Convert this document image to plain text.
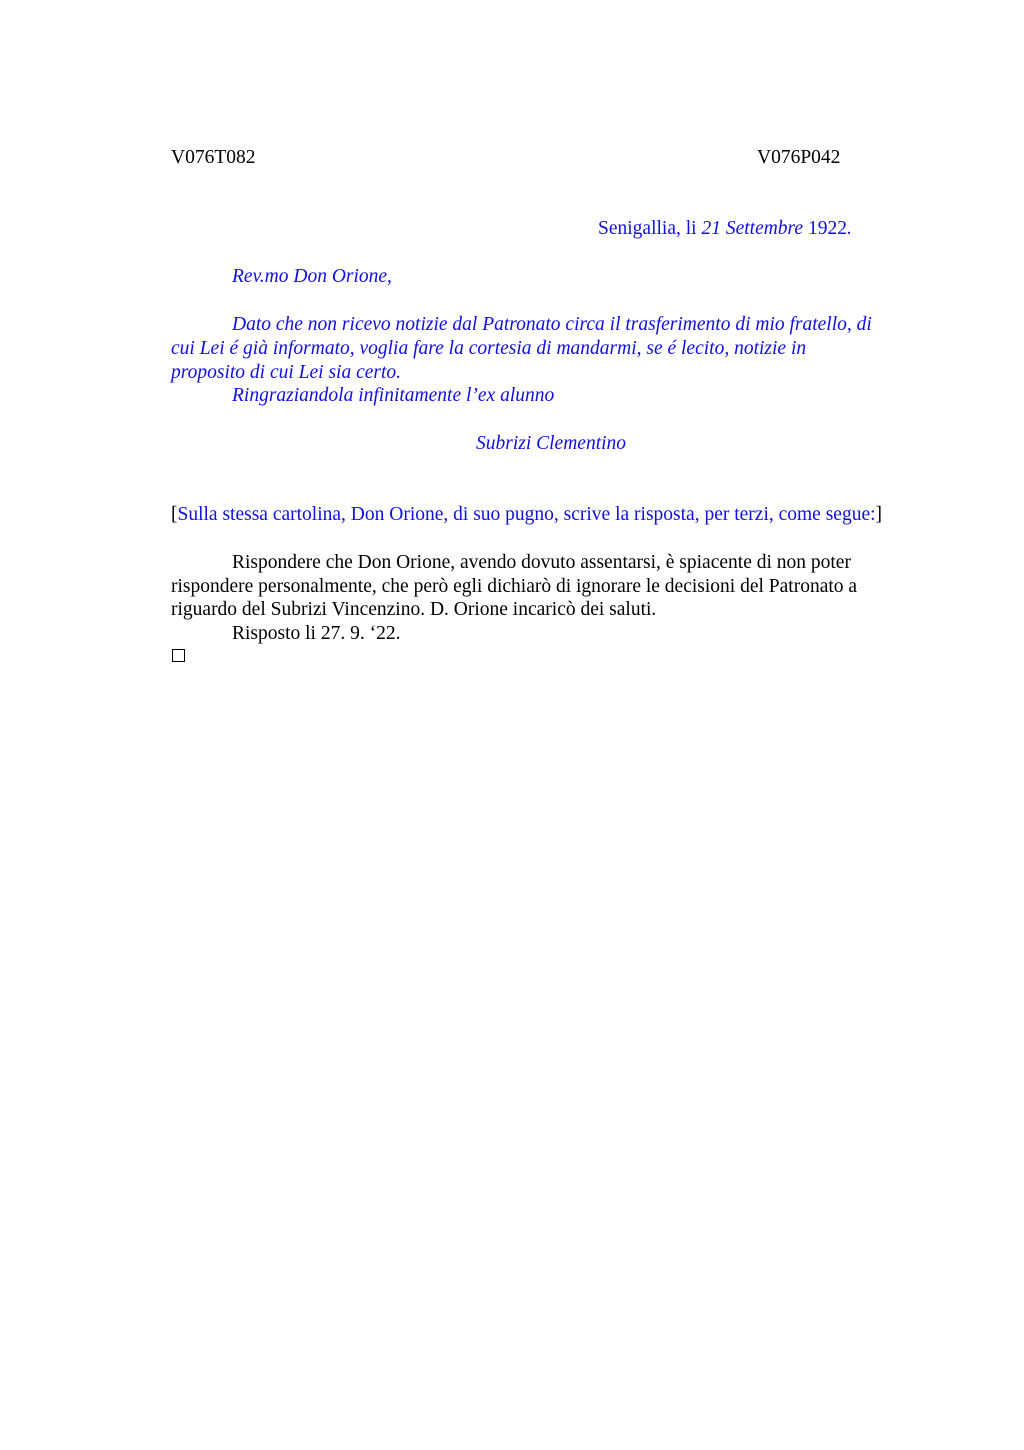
V076T082	V076P042
Senigallia, li 21 Settembre 1922.
Rev.mo Don Orione,
Dato che non ricevo notizie dal Patronato circa il trasferimento di mio fratello, di
cui Lei é già informato, voglia fare la cortesia di mandarmi, se é lecito, notizie in
proposito di cui Lei sia certo.
Ringraziandola infinitamente l’ex alunno
Subrizi Clementino
[Sulla stessa cartolina, Don Orione, di suo pugno, scrive la risposta, per terzi, come segue:]
Rispondere che Don Orione, avendo dovuto assentarsi, è spiacente di non poter
rispondere personalmente, che però egli dichiarò di ignorare le decisioni del Patronato a
riguardo del Subrizi Vincenzino. D. Orione incaricò dei saluti.
Risposto li 27. 9. ‘22.
